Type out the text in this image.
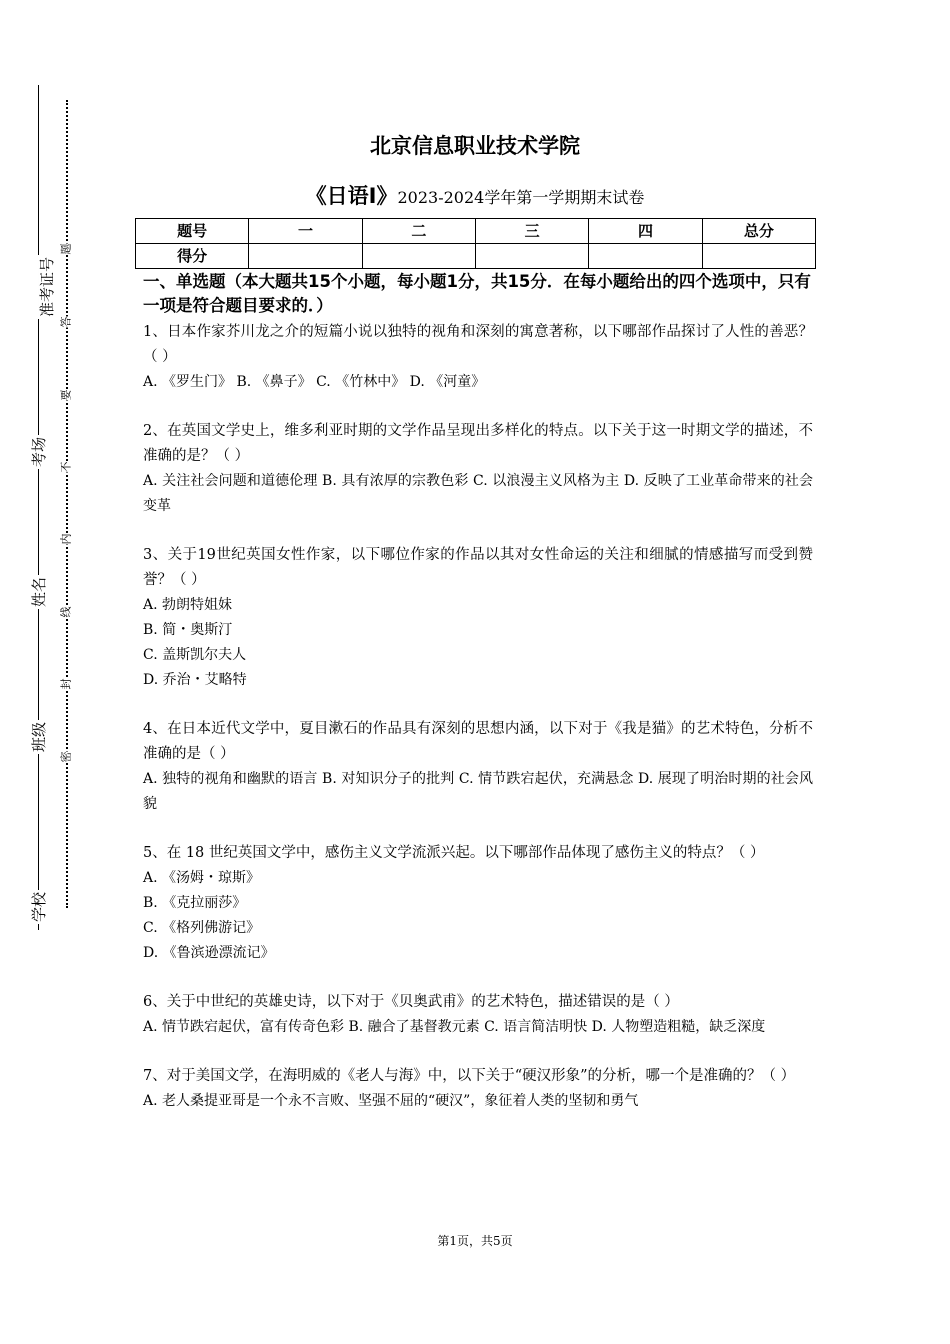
准考证号
考场
姓名
班级
学校
题
答
要
不
内
线
封
密
北京信息职业技术学院
《日语Ⅰ》2023-2024学年第一学期期末试卷
题号	一	二	三	四	总分
得分					

一、单选题（本大题共15个小题，每小题1分，共15分．在每小题给出的四个选项中，只有一项是符合题目要求的．）

1、日本作家芥川龙之介的短篇小说以独特的视角和深刻的寓意著称，以下哪部作品探讨了人性的善恶？（ ）

A. 《罗生门》 B. 《鼻子》 C. 《竹林中》 D. 《河童》

2、在英国文学史上，维多利亚时期的文学作品呈现出多样化的特点。以下关于这一时期文学的描述，不准确的是？（ ）

A. 关注社会问题和道德伦理 B. 具有浓厚的宗教色彩 C. 以浪漫主义风格为主 D. 反映了工业革命带来的社会变革

3、关于19世纪英国女性作家，以下哪位作家的作品以其对女性命运的关注和细腻的情感描写而受到赞誉？（ ）

A. 勃朗特姐妹

B. 简・奥斯汀

C. 盖斯凯尔夫人

D. 乔治・艾略特

4、在日本近代文学中，夏目漱石的作品具有深刻的思想内涵，以下对于《我是猫》的艺术特色，分析不准确的是（ ）

A. 独特的视角和幽默的语言 B. 对知识分子的批判 C. 情节跌宕起伏，充满悬念 D. 展现了明治时期的社会风貌

5、在 18 世纪英国文学中，感伤主义文学流派兴起。以下哪部作品体现了感伤主义的特点？（ ）

A. 《汤姆・琼斯》

B. 《克拉丽莎》

C. 《格列佛游记》

D. 《鲁滨逊漂流记》

6、关于中世纪的英雄史诗，以下对于《贝奥武甫》的艺术特色，描述错误的是（ ）

A. 情节跌宕起伏，富有传奇色彩 B. 融合了基督教元素 C. 语言简洁明快 D. 人物塑造粗糙，缺乏深度

7、对于美国文学，在海明威的《老人与海》中，以下关于“硬汉形象”的分析，哪一个是准确的？（ ）

A. 老人桑提亚哥是一个永不言败、坚强不屈的“硬汉”，象征着人类的坚韧和勇气

第1页，共5页
